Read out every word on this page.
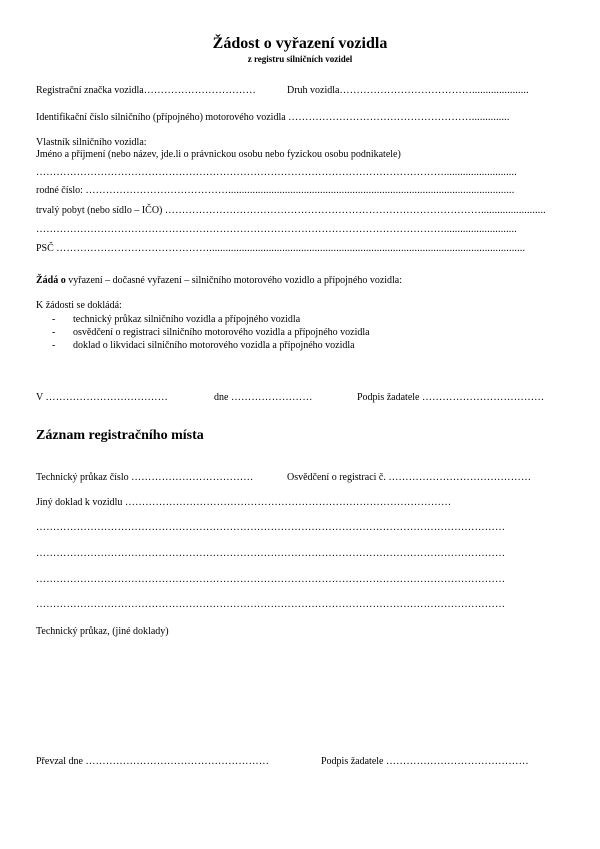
Žádost o vyřazení vozidla
z registru silničních vozidel
Registrační značka vozidla……………………………	Druh vozidla………………………………….....................
Identifikační číslo silničního (přípojného) motorového vozidla ………………………………………………..............
Vlastník silničního vozidla:
Jméno a příjmení (nebo název, jde.li o právnickou osobu nebo fyzickou osobu podnikatele)
…………………………………………………………………………………………………………...........................
rodné číslo: ……………………………………..........................................................................................................
trvalý pobyt (nebo sídlo – IČO) …………………………………………………………………………………........................
…………………………………………………………………………………………………………...........................
PSČ ……………………………………….....................................................................................................................
Žádá o vyřazení – dočasné vyřazení – silničního motorového vozidlo a přípojného vozidla:
K žádosti se dokládá:
- technický průkaz silničního vozidla a přípojného vozidla
- osvědčení o registraci silničního motorového vozidla a přípojného vozidla
- doklad o likvidaci silničního motorového vozidla a přípojného vozidla
V ………………………………	dne ……………………	Podpis žadatele ………………………………
Záznam registračního místa
Technický průkaz číslo ………………………………	Osvědčení o registraci č. ……………………………………
Jiný doklad k vozidlu ……………………………………………………………………………………
…………………………………………………………………………………………………………………………
…………………………………………………………………………………………………………………………
…………………………………………………………………………………………………………………………
…………………………………………………………………………………………………………………………
Technický průkaz, (jiné doklady)
Převzal dne ………………………………………………	Podpis žadatele ……………………………………
